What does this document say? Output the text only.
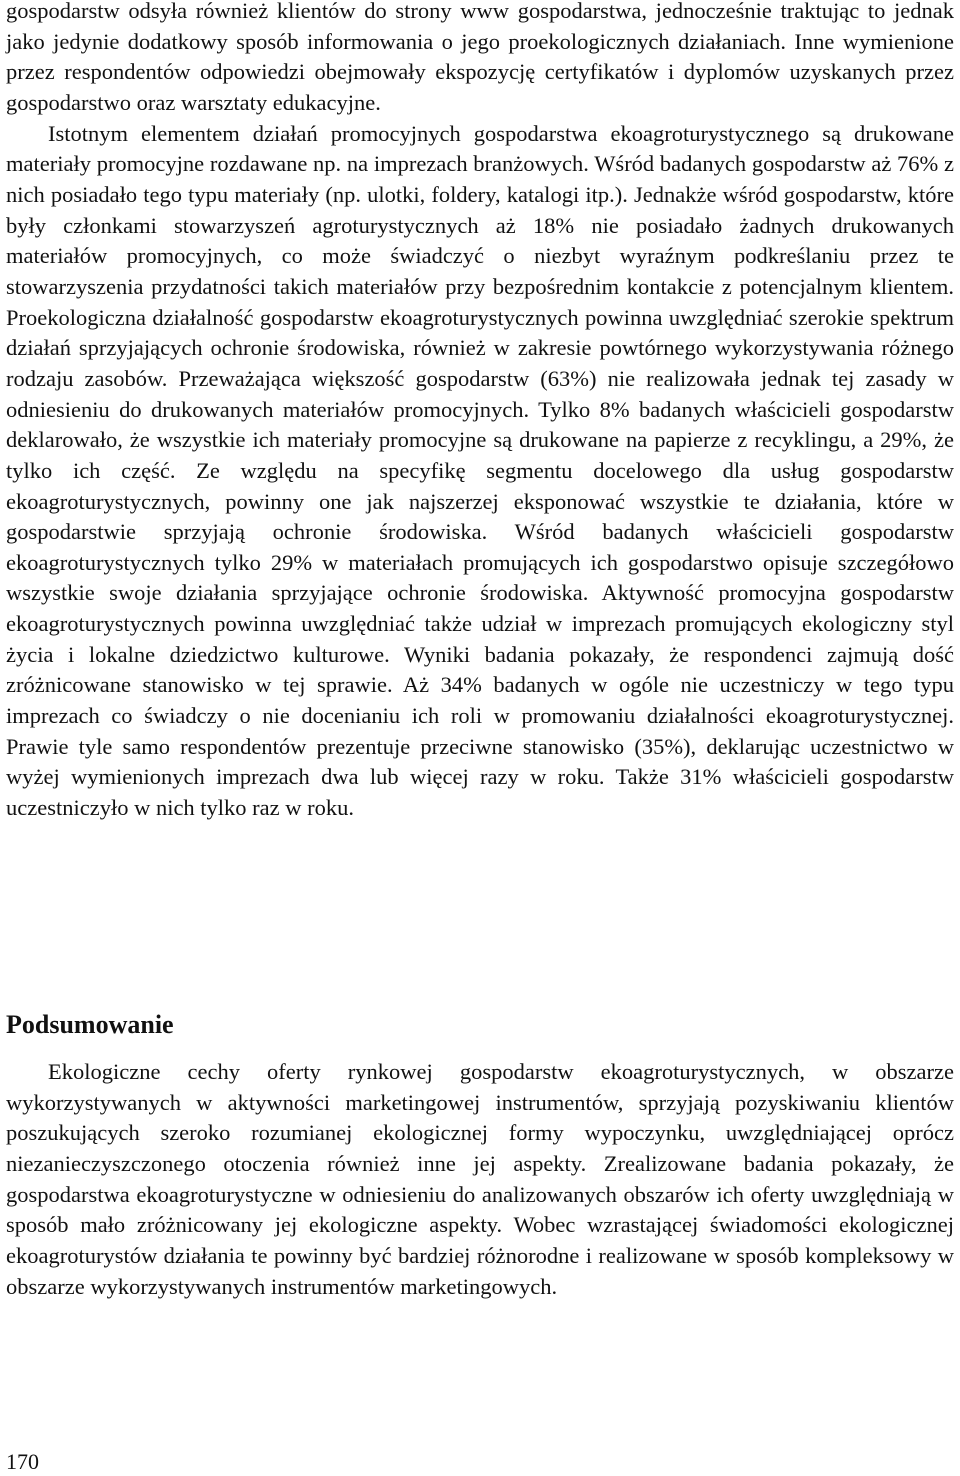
gospodarstw odsyła również klientów do strony www gospodarstwa, jednocześnie traktując to jednak jako jedynie dodatkowy sposób informowania o jego proekologicznych działaniach. Inne wymienione przez respondentów odpowiedzi obejmowały ekspozycję certyfikatów i dyplomów uzyskanych przez gospodarstwo oraz warsztaty edukacyjne.

Istotnym elementem działań promocyjnych gospodarstwa ekoagroturystycznego są drukowane materiały promocyjne rozdawane np. na imprezach branżowych. Wśród badanych gospodarstw aż 76% z nich posiadało tego typu materiały (np. ulotki, foldery, katalogi itp.). Jednakże wśród gospodarstw, które były członkami stowarzyszeń agroturystycznych aż 18% nie posiadało żadnych drukowanych materiałów promocyjnych, co może świadczyć o niezbyt wyraźnym podkreślaniu przez te stowarzyszenia przydatności takich materiałów przy bezpośrednim kontakcie z potencjalnym klientem. Proekologiczna działalność gospodarstw ekoagroturystycznych powinna uwzględniać szerokie spektrum działań sprzyjających ochronie środowiska, również w zakresie powtórnego wykorzystywania różnego rodzaju zasobów. Przeważająca większość gospodarstw (63%) nie realizowała jednak tej zasady w odniesieniu do drukowanych materiałów promocyjnych. Tylko 8% badanych właścicieli gospodarstw deklarowało, że wszystkie ich materiały promocyjne są drukowane na papierze z recyklingu, a 29%, że tylko ich część. Ze względu na specyfikę segmentu docelowego dla usług gospodarstw ekoagroturystycznych, powinny one jak najszerzej eksponować wszystkie te działania, które w gospodarstwie sprzyjają ochronie środowiska. Wśród badanych właścicieli gospodarstw ekoagroturystycznych tylko 29% w materiałach promujących ich gospodarstwo opisuje szczegółowo wszystkie swoje działania sprzyjające ochronie środowiska. Aktywność promocyjna gospodarstw ekoagroturystycznych powinna uwzględniać także udział w imprezach promujących ekologiczny styl życia i lokalne dziedzictwo kulturowe. Wyniki badania pokazały, że respondenci zajmują dość zróżnicowane stanowisko w tej sprawie. Aż 34% badanych w ogóle nie uczestniczy w tego typu imprezach co świadczy o nie docenianiu ich roli w promowaniu działalności ekoagroturystycznej. Prawie tyle samo respondentów prezentuje przeciwne stanowisko (35%), deklarując uczestnictwo w wyżej wymienionych imprezach dwa lub więcej razy w roku. Także 31% właścicieli gospodarstw uczestniczyło w nich tylko raz w roku.

Podsumowanie

Ekologiczne cechy oferty rynkowej gospodarstw ekoagroturystycznych, w obszarze wykorzystywanych w aktywności marketingowej instrumentów, sprzyjają pozyskiwaniu klientów poszukujących szeroko rozumianej ekologicznej formy wypoczynku, uwzględniającej oprócz niezanieczyszczonego otoczenia również inne jej aspekty. Zrealizowane badania pokazały, że gospodarstwa ekoagroturystyczne w odniesieniu do analizowanych obszarów ich oferty uwzględniają w sposób mało zróżnicowany jej ekologiczne aspekty. Wobec wzrastającej świadomości ekologicznej ekoagroturystów działania te powinny być bardziej różnorodne i realizowane w sposób kompleksowy w obszarze wykorzystywanych instrumentów marketingowych.

170
